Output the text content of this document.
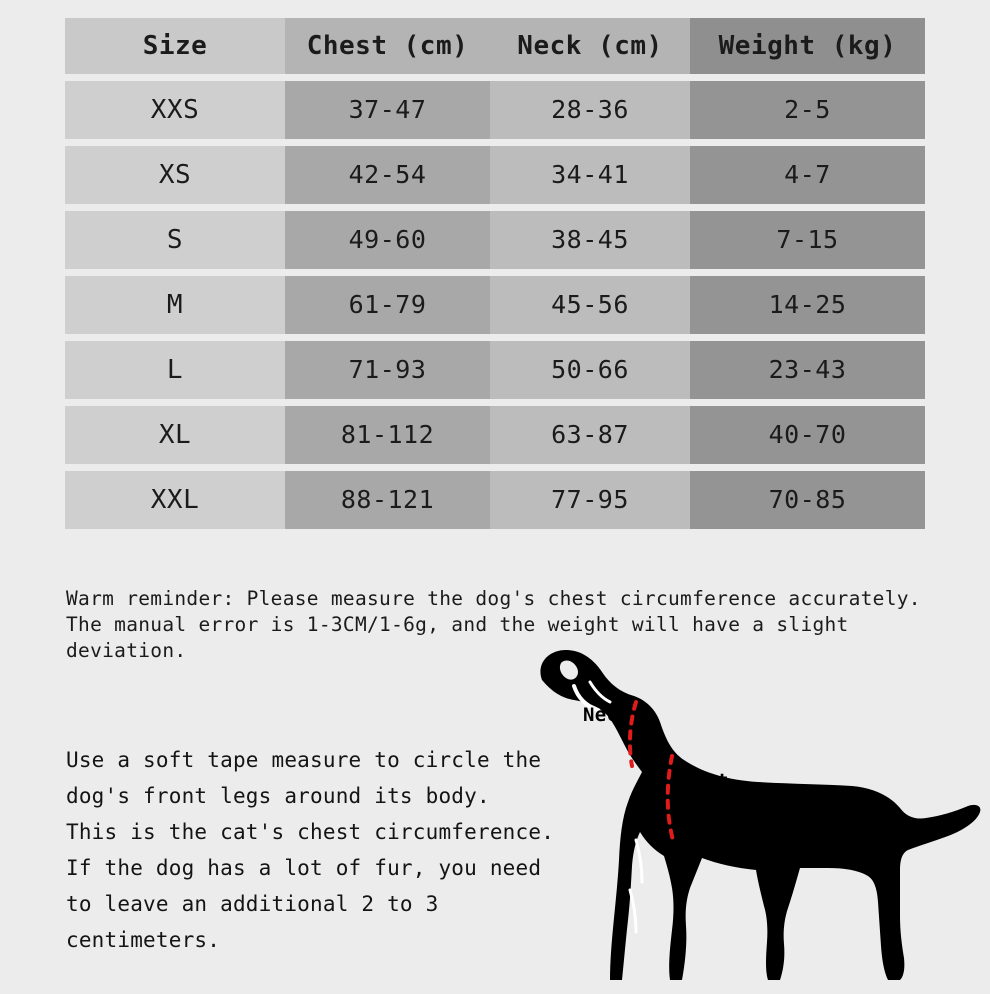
Size	Chest (cm)	Neck (cm)	Weight (kg)
XXS	37-47	28-36	2-5
XS	42-54	34-41	4-7
S	49-60	38-45	7-15
M	61-79	45-56	14-25
L	71-93	50-66	23-43
XL	81-112	63-87	40-70
XXL	88-121	77-95	70-85
Warm reminder: Please measure the dog's chest circumference accurately.
The manual error is 1-3CM/1-6g, and the weight will have a slight deviation.
Use a soft tape measure to circle the
dog's front legs around its body.
This is the cat's chest circumference.
If the dog has a lot of fur, you need
to leave an additional 2 to 3 centimeters.
Neck
Chest
